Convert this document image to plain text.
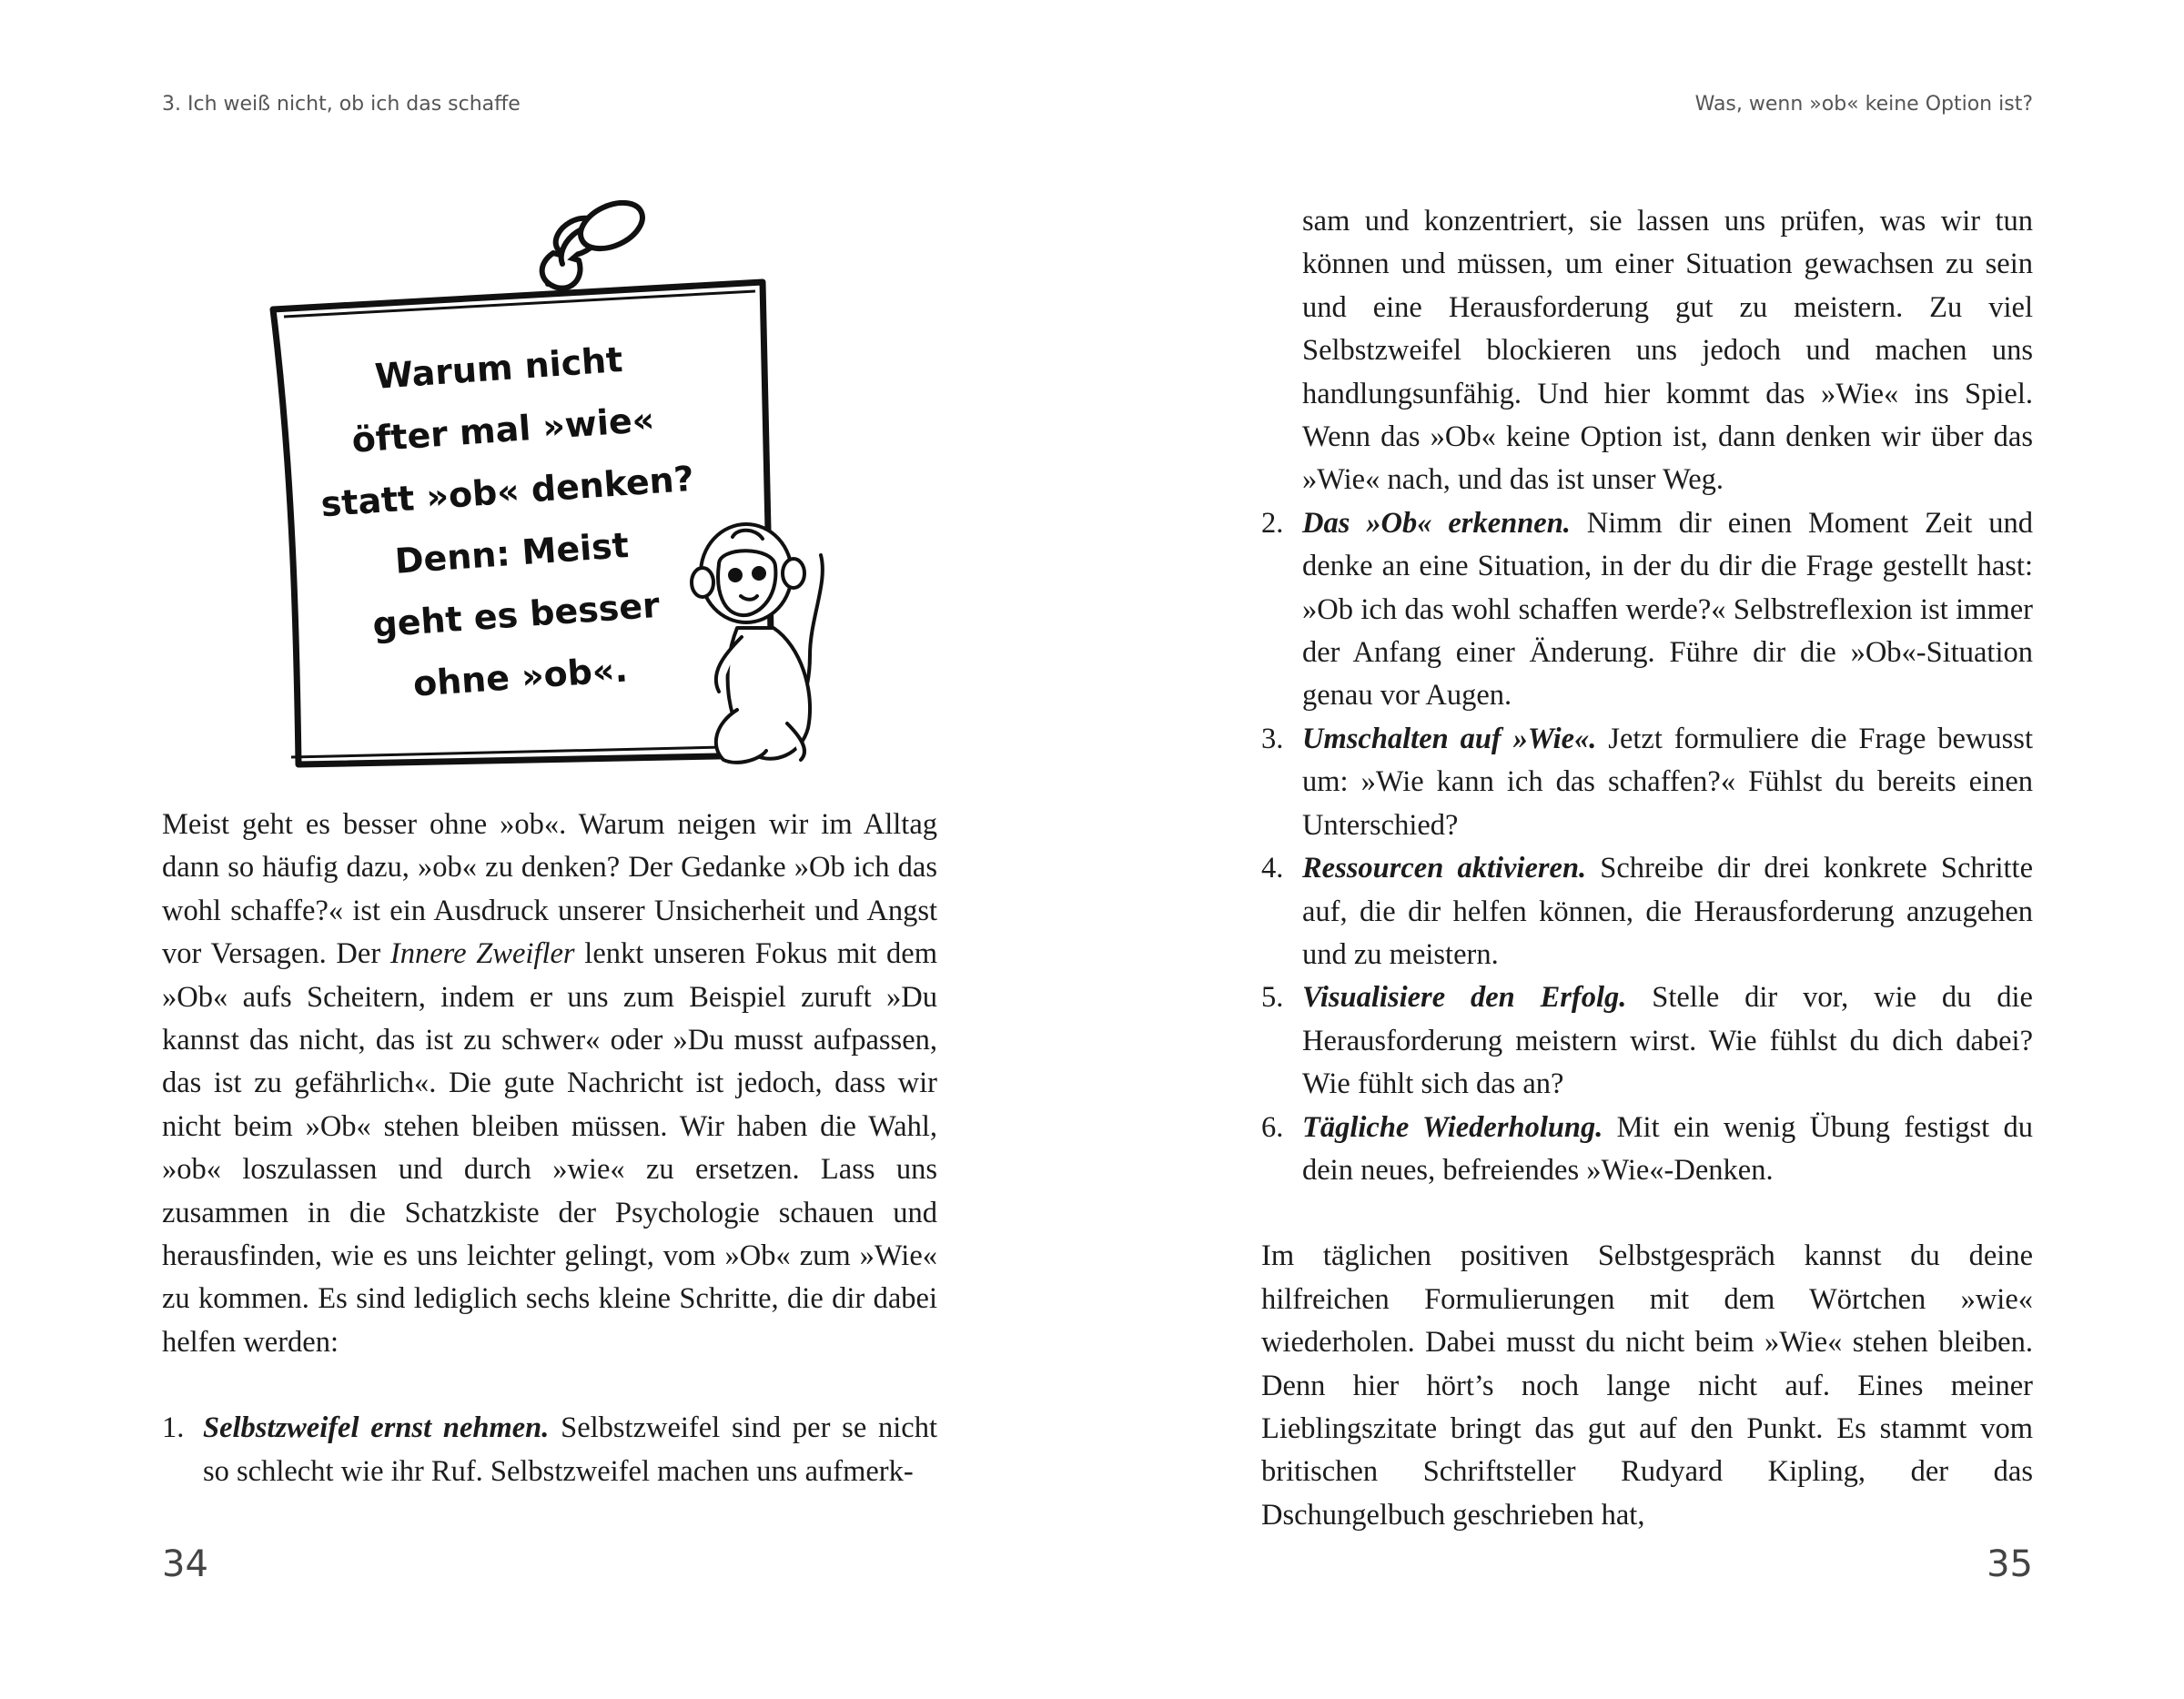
3. Ich weiß nicht, ob ich das schaffe
Warum nicht
öfter mal »wie«
statt »ob« denken?
Denn: Meist
geht es besser
ohne »ob«.

Meist geht es besser ohne »ob«. Warum neigen wir im Alltag dann so häufig dazu, »ob« zu denken? Der Gedanke »Ob ich das wohl schaffe?« ist ein Ausdruck unserer Unsicherheit und Angst vor Versagen. Der Innere Zweifler lenkt unseren Fokus mit dem »Ob« aufs Scheitern, indem er uns zum Beispiel zuruft »Du kannst das nicht, das ist zu schwer« oder »Du musst aufpassen, das ist zu gefährlich«. Die gute Nachricht ist jedoch, dass wir nicht beim »Ob« stehen bleiben müssen. Wir haben die Wahl, »ob« loszulassen und durch »wie« zu ersetzen. Lass uns zusammen in die Schatzkiste der Psychologie schauen und herausfinden, wie es uns leichter gelingt, vom »Ob« zum »Wie« zu kommen. Es sind lediglich sechs kleine Schritte, die dir dabei helfen werden:

1. Selbstzweifel ernst nehmen. Selbstzweifel sind per se nicht so schlecht wie ihr Ruf. Selbstzweifel machen uns aufmerk-
34
Was, wenn »ob« keine Option ist?
sam und konzentriert, sie lassen uns prüfen, was wir tun können und müssen, um einer Situation gewachsen zu sein und eine Herausforderung gut zu meistern. Zu viel Selbstzweifel blockieren uns jedoch und machen uns handlungsunfähig. Und hier kommt das »Wie« ins Spiel. Wenn das »Ob« keine Option ist, dann denken wir über das »Wie« nach, und das ist unser Weg.
2. Das »Ob« erkennen. Nimm dir einen Moment Zeit und denke an eine Situation, in der du dir die Frage gestellt hast: »Ob ich das wohl schaffen werde?« Selbstreflexion ist immer der Anfang einer Änderung. Führe dir die »Ob«-Situation genau vor Augen.
3. Umschalten auf »Wie«. Jetzt formuliere die Frage bewusst um: »Wie kann ich das schaffen?« Fühlst du bereits einen Unterschied?
4. Ressourcen aktivieren. Schreibe dir drei konkrete Schritte auf, die dir helfen können, die Herausforderung anzugehen und zu meistern.
5. Visualisiere den Erfolg. Stelle dir vor, wie du die Herausforderung meistern wirst. Wie fühlst du dich dabei? Wie fühlt sich das an?
6. Tägliche Wiederholung. Mit ein wenig Übung festigst du dein neues, befreiendes »Wie«-Denken.

Im täglichen positiven Selbstgespräch kannst du deine hilfreichen Formulierungen mit dem Wörtchen »wie« wiederholen. Dabei musst du nicht beim »Wie« stehen bleiben. Denn hier hört’s noch lange nicht auf. Eines meiner Lieblingszitate bringt das gut auf den Punkt. Es stammt vom britischen Schriftsteller Rudyard Kipling, der das Dschungelbuch geschrieben hat,

35
